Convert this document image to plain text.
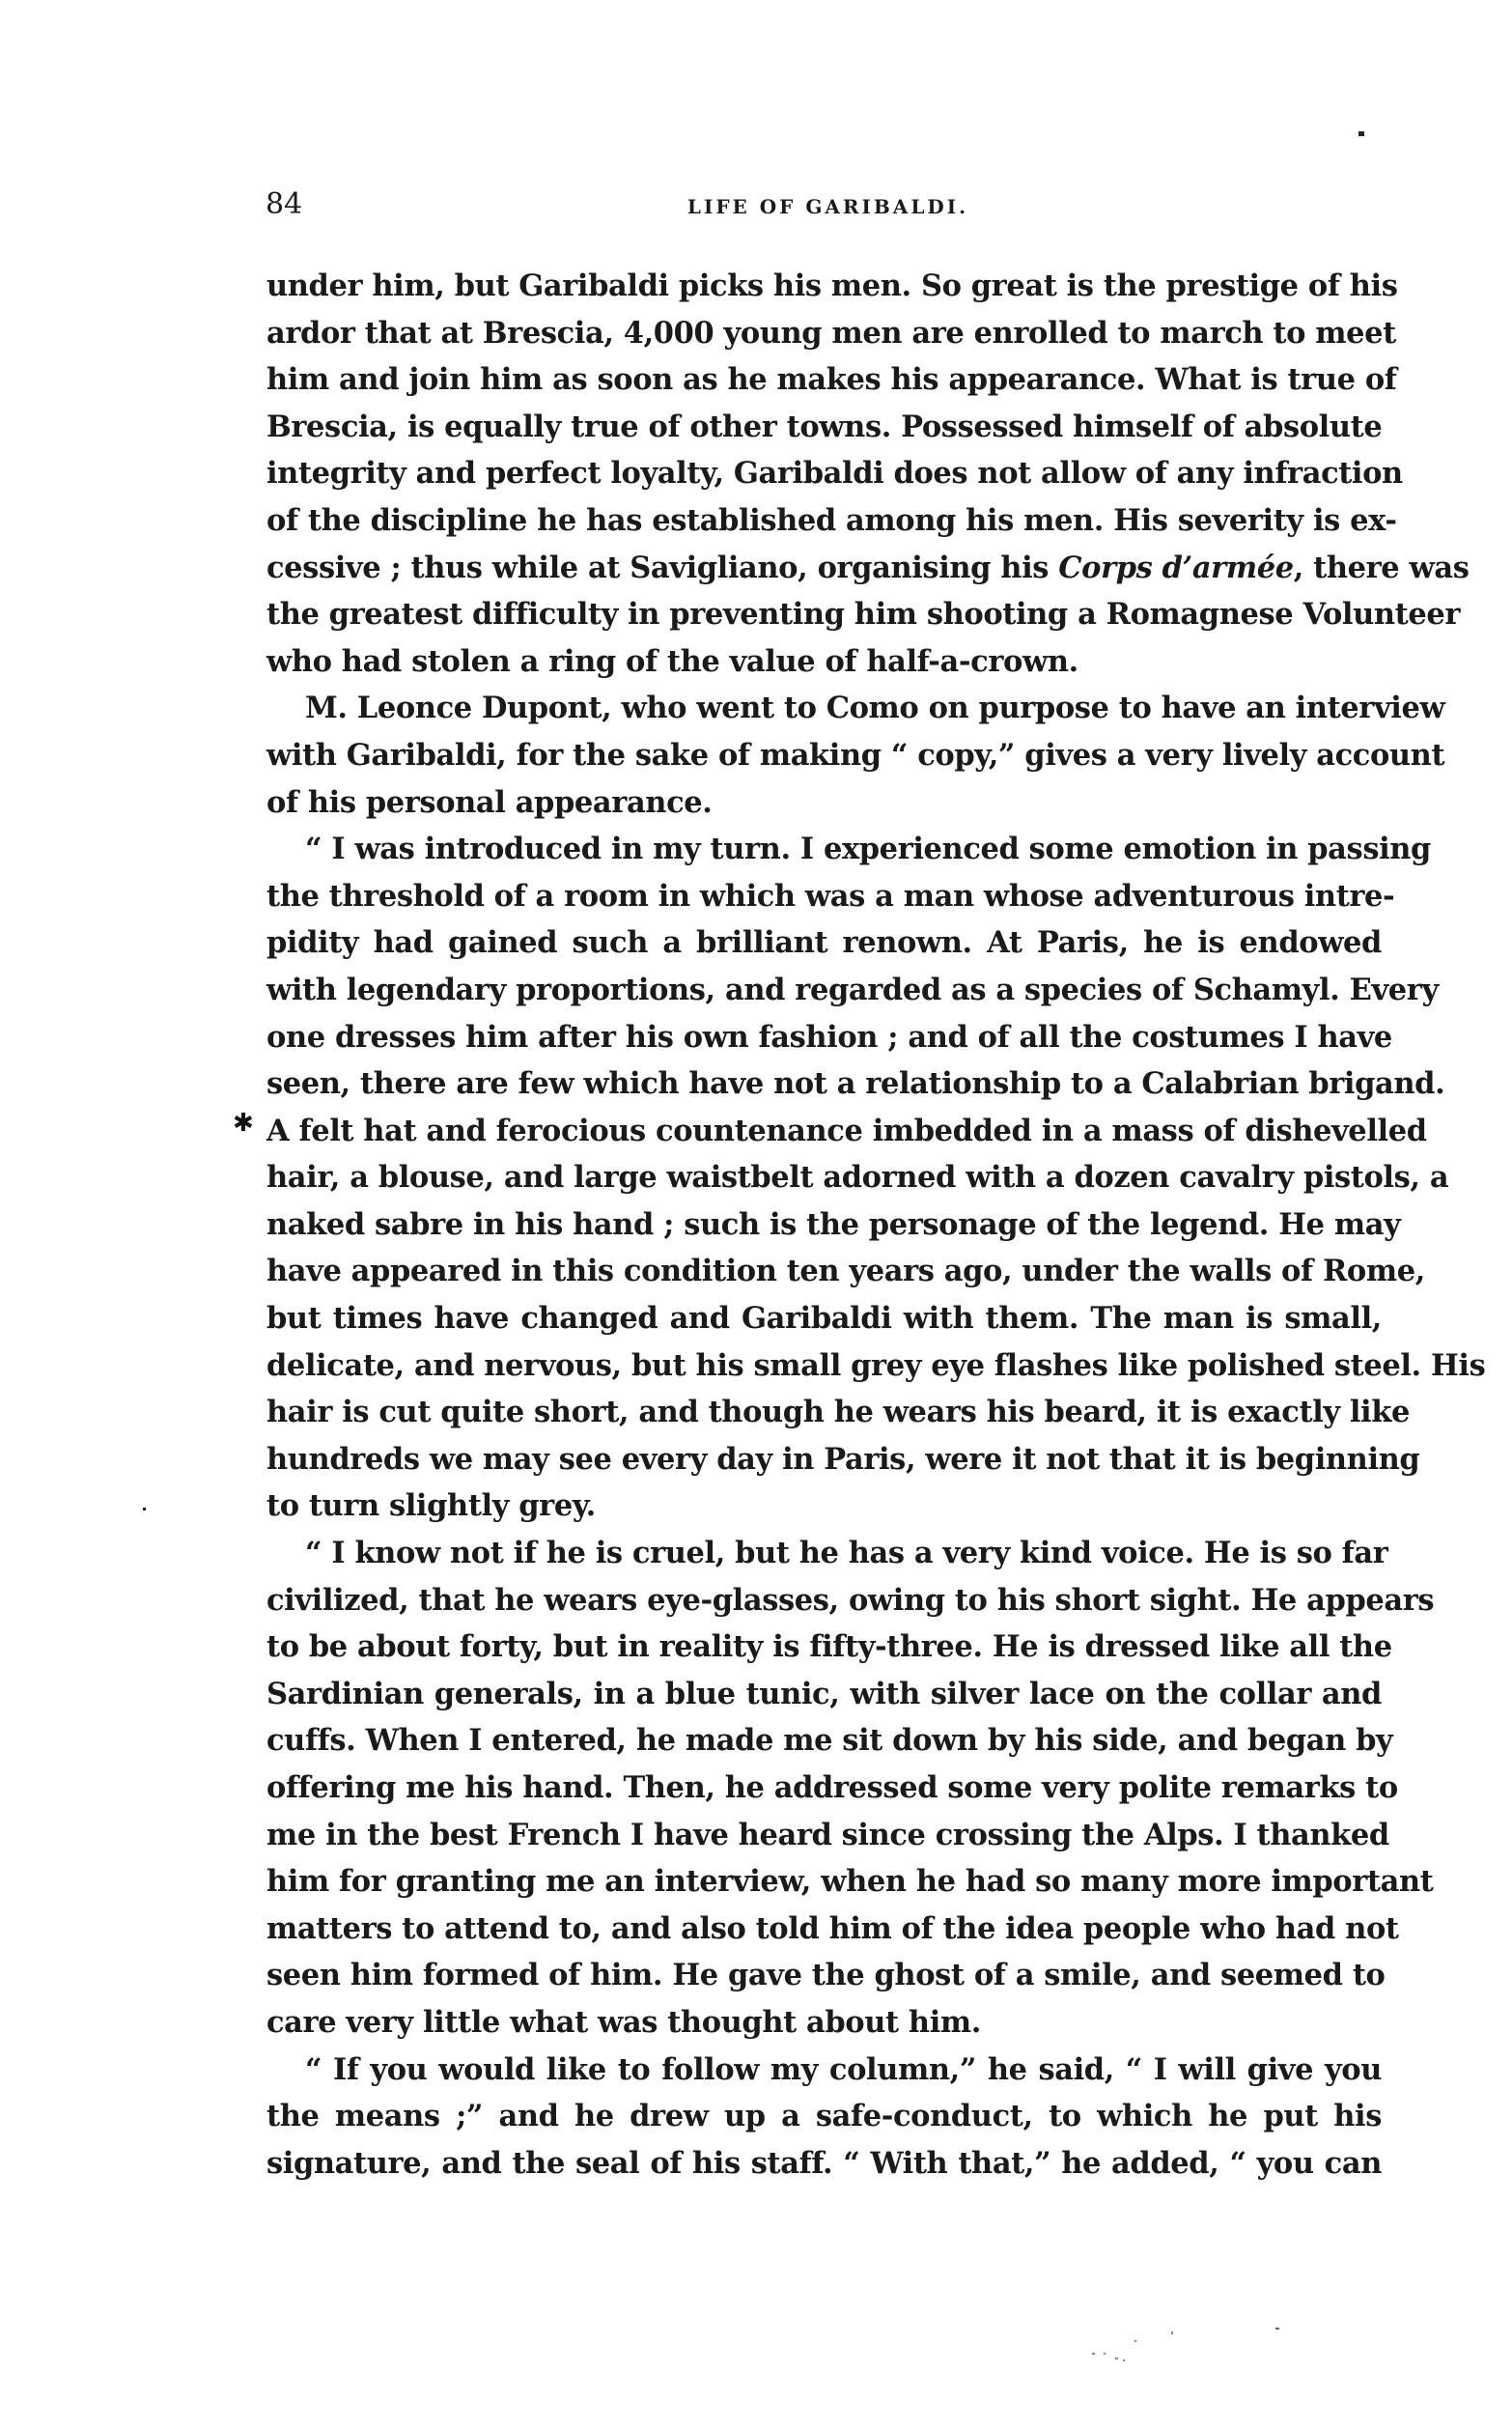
84	LIFE OF GARIBALDI.
✱
under him, but Garibaldi picks his men. So great is the prestige of his
ardor that at Brescia, 4,000 young men are enrolled to march to meet
him and join him as soon as he makes his appearance. What is true of
Brescia, is equally true of other towns. Possessed himself of absolute
integrity and perfect loyalty, Garibaldi does not allow of any infraction
of the discipline he has established among his men. His severity is ex-
cessive ; thus while at Savigliano, organising his Corps d’armée, there was
the greatest difficulty in preventing him shooting a Romagnese Volunteer
who had stolen a ring of the value of half-a-crown.
M. Leonce Dupont, who went to Como on purpose to have an interview
with Garibaldi, for the sake of making “ copy,” gives a very lively account
of his personal appearance.
“ I was introduced in my turn. I experienced some emotion in passing
the threshold of a room in which was a man whose adventurous intre-
pidity had gained such a brilliant renown. At Paris, he is endowed
with legendary proportions, and regarded as a species of Schamyl. Every
one dresses him after his own fashion ; and of all the costumes I have
seen, there are few which have not a relationship to a Calabrian brigand.
A felt hat and ferocious countenance imbedded in a mass of dishevelled
hair, a blouse, and large waistbelt adorned with a dozen cavalry pistols, a
naked sabre in his hand ; such is the personage of the legend. He may
have appeared in this condition ten years ago, under the walls of Rome,
but times have changed and Garibaldi with them. The man is small,
delicate, and nervous, but his small grey eye flashes like polished steel. His
hair is cut quite short, and though he wears his beard, it is exactly like
hundreds we may see every day in Paris, were it not that it is beginning
to turn slightly grey.
“ I know not if he is cruel, but he has a very kind voice. He is so far
civilized, that he wears eye-glasses, owing to his short sight. He appears
to be about forty, but in reality is fifty-three. He is dressed like all the
Sardinian generals, in a blue tunic, with silver lace on the collar and
cuffs. When I entered, he made me sit down by his side, and began by
offering me his hand. Then, he addressed some very polite remarks to
me in the best French I have heard since crossing the Alps. I thanked
him for granting me an interview, when he had so many more important
matters to attend to, and also told him of the idea people who had not
seen him formed of him. He gave the ghost of a smile, and seemed to
care very little what was thought about him.
“ If you would like to follow my column,” he said, “ I will give you
the means ;” and he drew up a safe-conduct, to which he put his
signature, and the seal of his staff. “ With that,” he added, “ you can
